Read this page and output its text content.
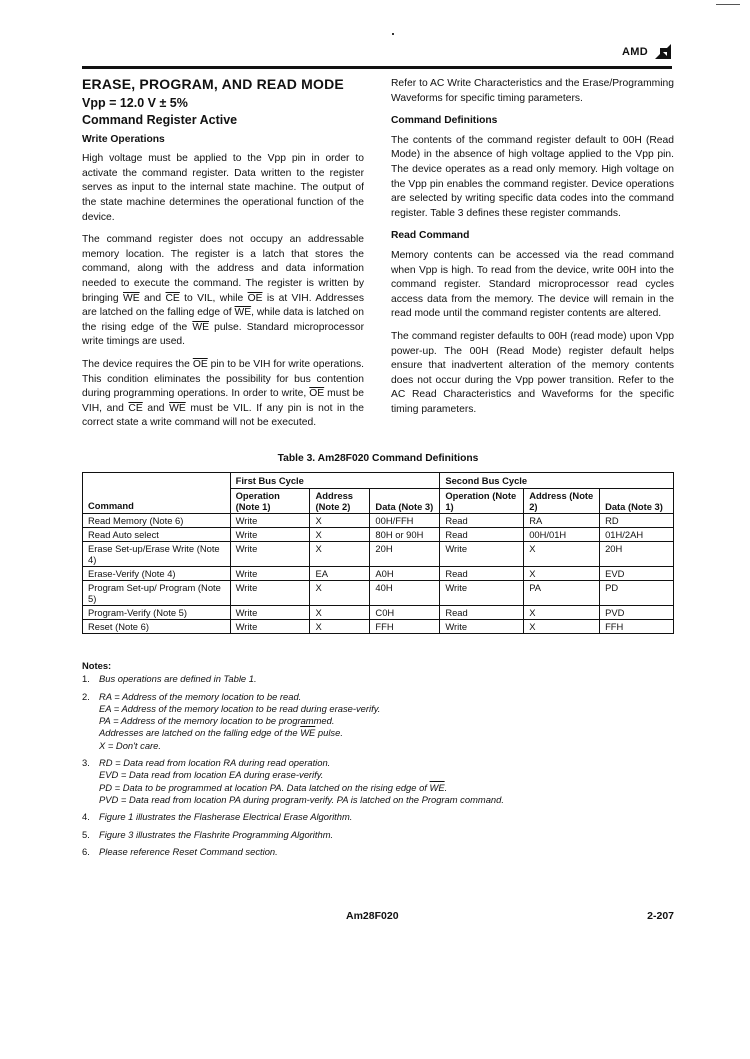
AMD
ERASE, PROGRAM, AND READ MODE
Vpp = 12.0 V ± 5%
Command Register Active
Write Operations

High voltage must be applied to the Vpp pin in order to activate the command register. Data written to the register serves as input to the internal state machine. The output of the state machine determines the operational function of the device.

The command register does not occupy an addressable memory location. The register is a latch that stores the command, along with the address and data information needed to execute the command. The register is written by bringing $\overline{WE}$ and $\overline{CE}$ to VIL, while $\overline{OE}$ is at VIH. Addresses are latched on the falling edge of $\overline{WE}$, while data is latched on the rising edge of the $\overline{WE}$ pulse. Standard microprocessor write timings are used.

The device requires the $\overline{OE}$ pin to be VIH for write operations. This condition eliminates the possibility for bus contention during programming operations. In order to write, $\overline{OE}$ must be VIH, and $\overline{CE}$ and $\overline{WE}$ must be VIL. If any pin is not in the correct state a write command will not be executed.

Refer to AC Write Characteristics and the Erase/Programming Waveforms for specific timing parameters.

Command Definitions

The contents of the command register default to 00H (Read Mode) in the absence of high voltage applied to the Vpp pin. The device operates as a read only memory. High voltage on the Vpp pin enables the command register. Device operations are selected by writing specific data codes into the command register. Table 3 defines these register commands.

Read Command

Memory contents can be accessed via the read command when Vpp is high. To read from the device, write 00H into the command register. Standard microprocessor read cycles access data from the memory. The device will remain in the read mode until the command register contents are altered.

The command register defaults to 00H (read mode) upon Vpp power-up. The 00H (Read Mode) register default helps ensure that inadvertent alteration of the memory contents does not occur during the Vpp power transition. Refer to the AC Read Characteristics and Waveforms for the specific timing parameters.

Table 3. Am28F020 Command Definitions
Command	First Bus Cycle			Second Bus Cycle		
	Operation (Note 1)	Address (Note 2)	Data (Note 3)	Operation (Note 1)	Address (Note 2)	Data (Note 3)
Read Memory (Note 6)	Write	X	00H/FFH	Read	RA	RD
Read Auto select	Write	X	80H or 90H	Read	00H/01H	01H/2AH
Erase Set-up/Erase Write (Note 4)	Write	X	20H	Write	X	20H
Erase-Verify (Note 4)	Write	EA	A0H	Read	X	EVD
Program Set-up/ Program (Note 5)	Write	X	40H	Write	PA	PD
Program-Verify (Note 5)	Write	X	C0H	Read	X	PVD
Reset (Note 6)	Write	X	FFH	Write	X	FFH
Notes:
1. Bus operations are defined in Table 1.
2. RA = Address of the memory location to be read.
EA = Address of the memory location to be read during erase-verify.
PA = Address of the memory location to be programmed.
Addresses are latched on the falling edge of the $\overline{WE}$ pulse.
X = Don't care.
3. RD = Data read from location RA during read operation.
EVD = Data read from location EA during erase-verify.
PD = Data to be programmed at location PA. Data latched on the rising edge of $\overline{WE}$.
PVD = Data read from location PA during program-verify. PA is latched on the Program command.
4. Figure 1 illustrates the Flasherase Electrical Erase Algorithm.
5. Figure 3 illustrates the Flashrite Programming Algorithm.
6. Please reference Reset Command section.
Am28F020	2-207
